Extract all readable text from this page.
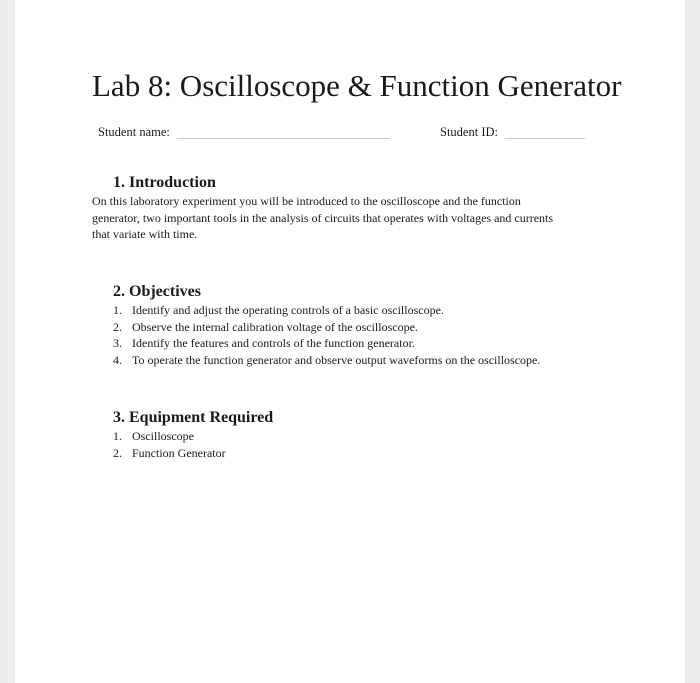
Lab 8: Oscilloscope & Function Generator
Student name:	Student ID:
1. Introduction
On this laboratory experiment you will be introduced to the oscilloscope and the function
generator, two important tools in the analysis of circuits that operates with voltages and currents
that variate with time.
2. Objectives
1. Identify and adjust the operating controls of a basic oscilloscope.
2. Observe the internal calibration voltage of the oscilloscope.
3. Identify the features and controls of the function generator.
4. To operate the function generator and observe output waveforms on the oscilloscope.
3. Equipment Required
1. Oscilloscope
2. Function Generator
